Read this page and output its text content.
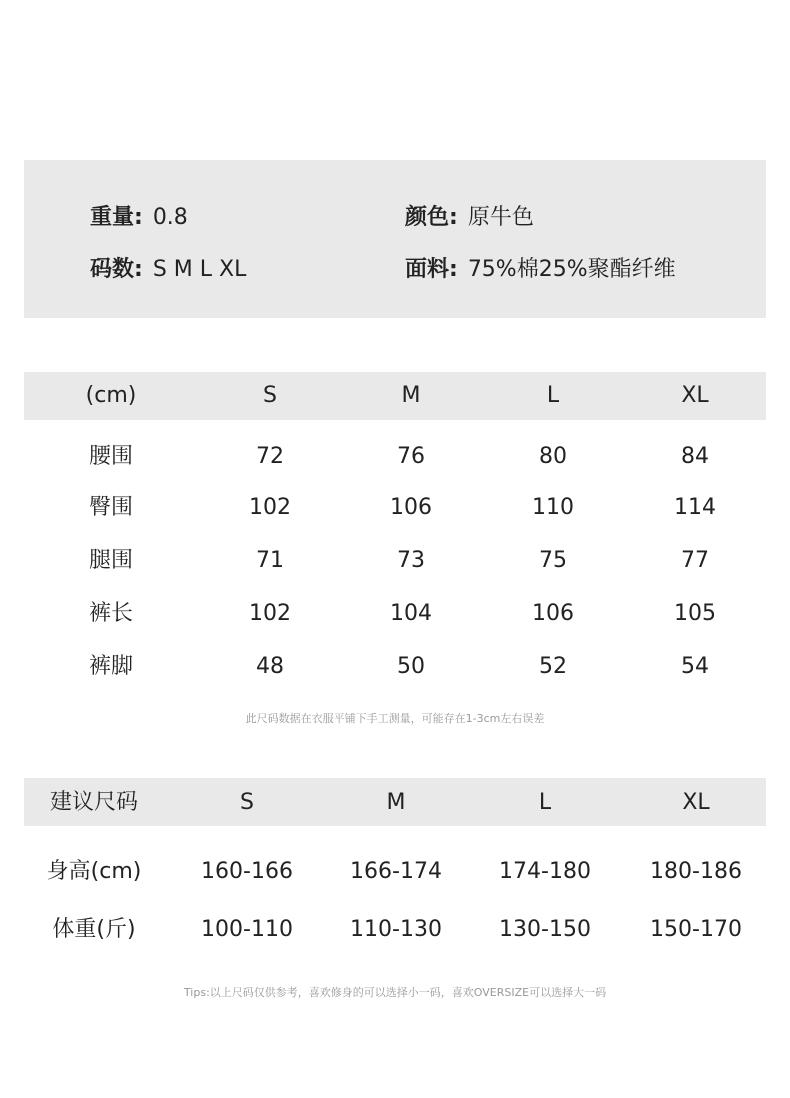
重量: 0.8	颜色: 原牛色
码数: S M L XL	面料: 75%棉25%聚酯纤维
(cm)	S	M	L	XL
腰围	72	76	80	84
臀围	102	106	110	114
腿围	71	73	75	77
裤长	102	104	106	105
裤脚	48	50	52	54
此尺码数据在衣服平铺下手工测量，可能存在1-3cm左右误差
建议尺码	S	M	L	XL
身高(cm)	160-166	166-174	174-180	180-186
体重(斤)	100-110	110-130	130-150	150-170
Tips:以上尺码仅供参考，喜欢修身的可以选择小一码，喜欢OVERSIZE可以选择大一码
